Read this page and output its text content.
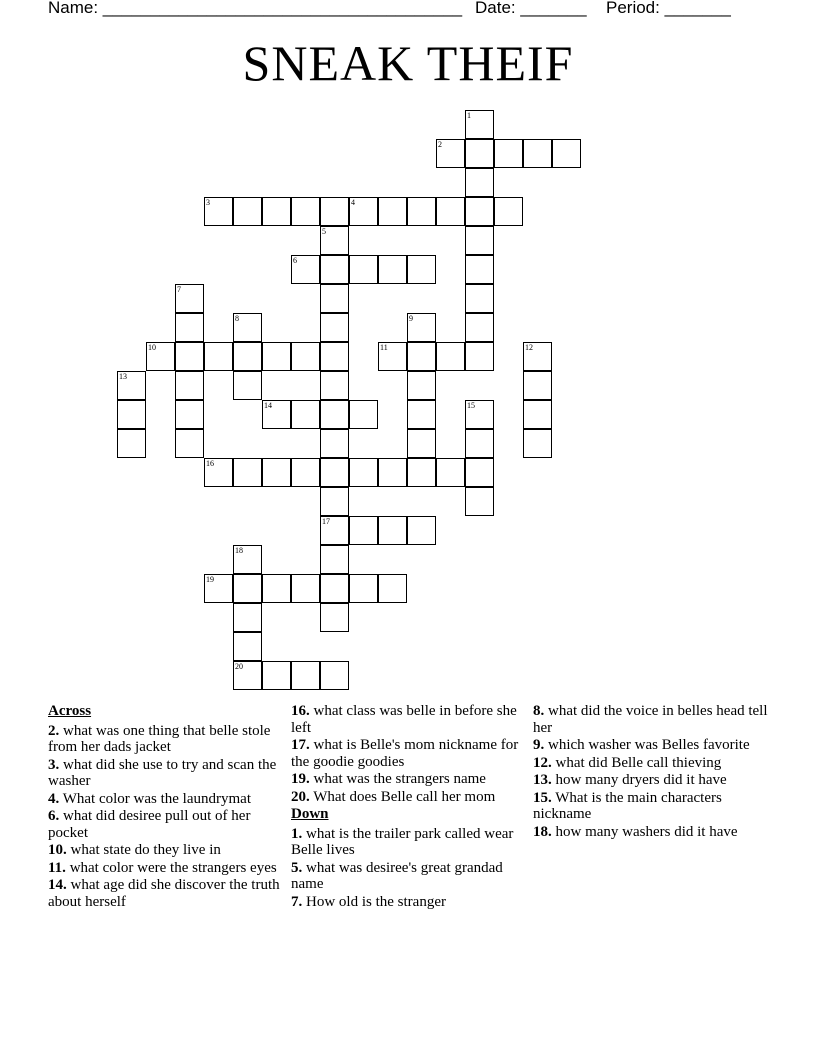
Name: ______________________________________ Date: _______ Period: _______
SNEAK THEIF
1
2
3	4
5
6
7
8	9
10	11	12
13
14	15
16
17
18
19
20
Across
2. what was one thing that belle stole from her dads jacket
3. what did she use to try and scan the washer
4. What color was the laundrymat
6. what did desiree pull out of her pocket
10. what state do they live in
11. what color were the strangers eyes
14. what age did she discover the truth about herself
16. what class was belle in before she left
17. what is Belle's mom nickname for the goodie goodies
19. what was the strangers name
20. What does Belle call her mom
Down
1. what is the trailer park called wear Belle lives
5. what was desiree's great grandad name
7. How old is the stranger
8. what did the voice in belles head tell her
9. which washer was Belles favorite
12. what did Belle call thieving
13. how many dryers did it have
15. What is the main characters nickname
18. how many washers did it have
